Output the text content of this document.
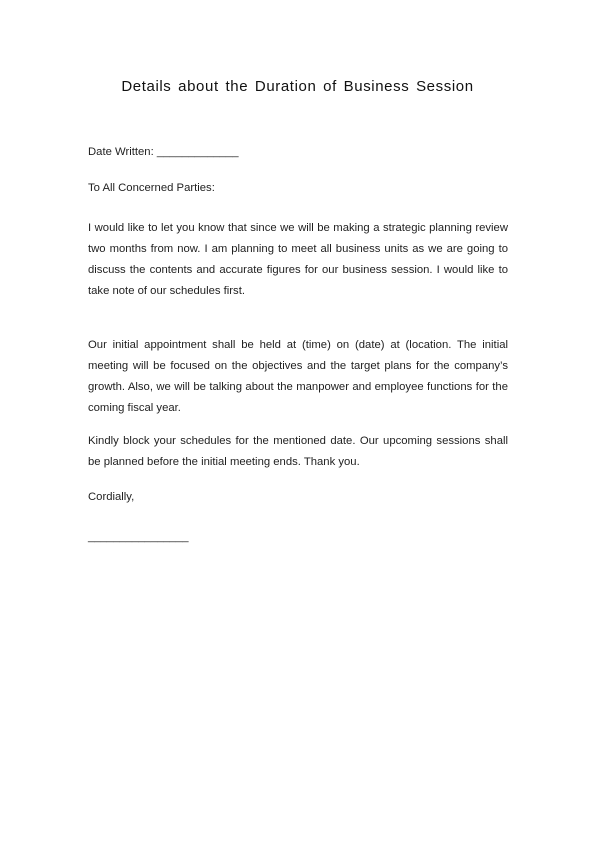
Details about the Duration of Business Session
Date Written: _____________
To All Concerned Parties:
I would like to let you know that since we will be making a strategic planning review two months from now. I am planning to meet all business units as we are going to discuss the contents and accurate figures for our business session. I would like to take note of our schedules first.
Our initial appointment shall be held at (time) on (date) at (location. The initial meeting will be focused on the objectives and the target plans for the company’s growth. Also, we will be talking about the manpower and employee functions for the coming fiscal year.
Kindly block your schedules for the mentioned date. Our upcoming sessions shall be planned before the initial meeting ends. Thank you.
Cordially,
________________
